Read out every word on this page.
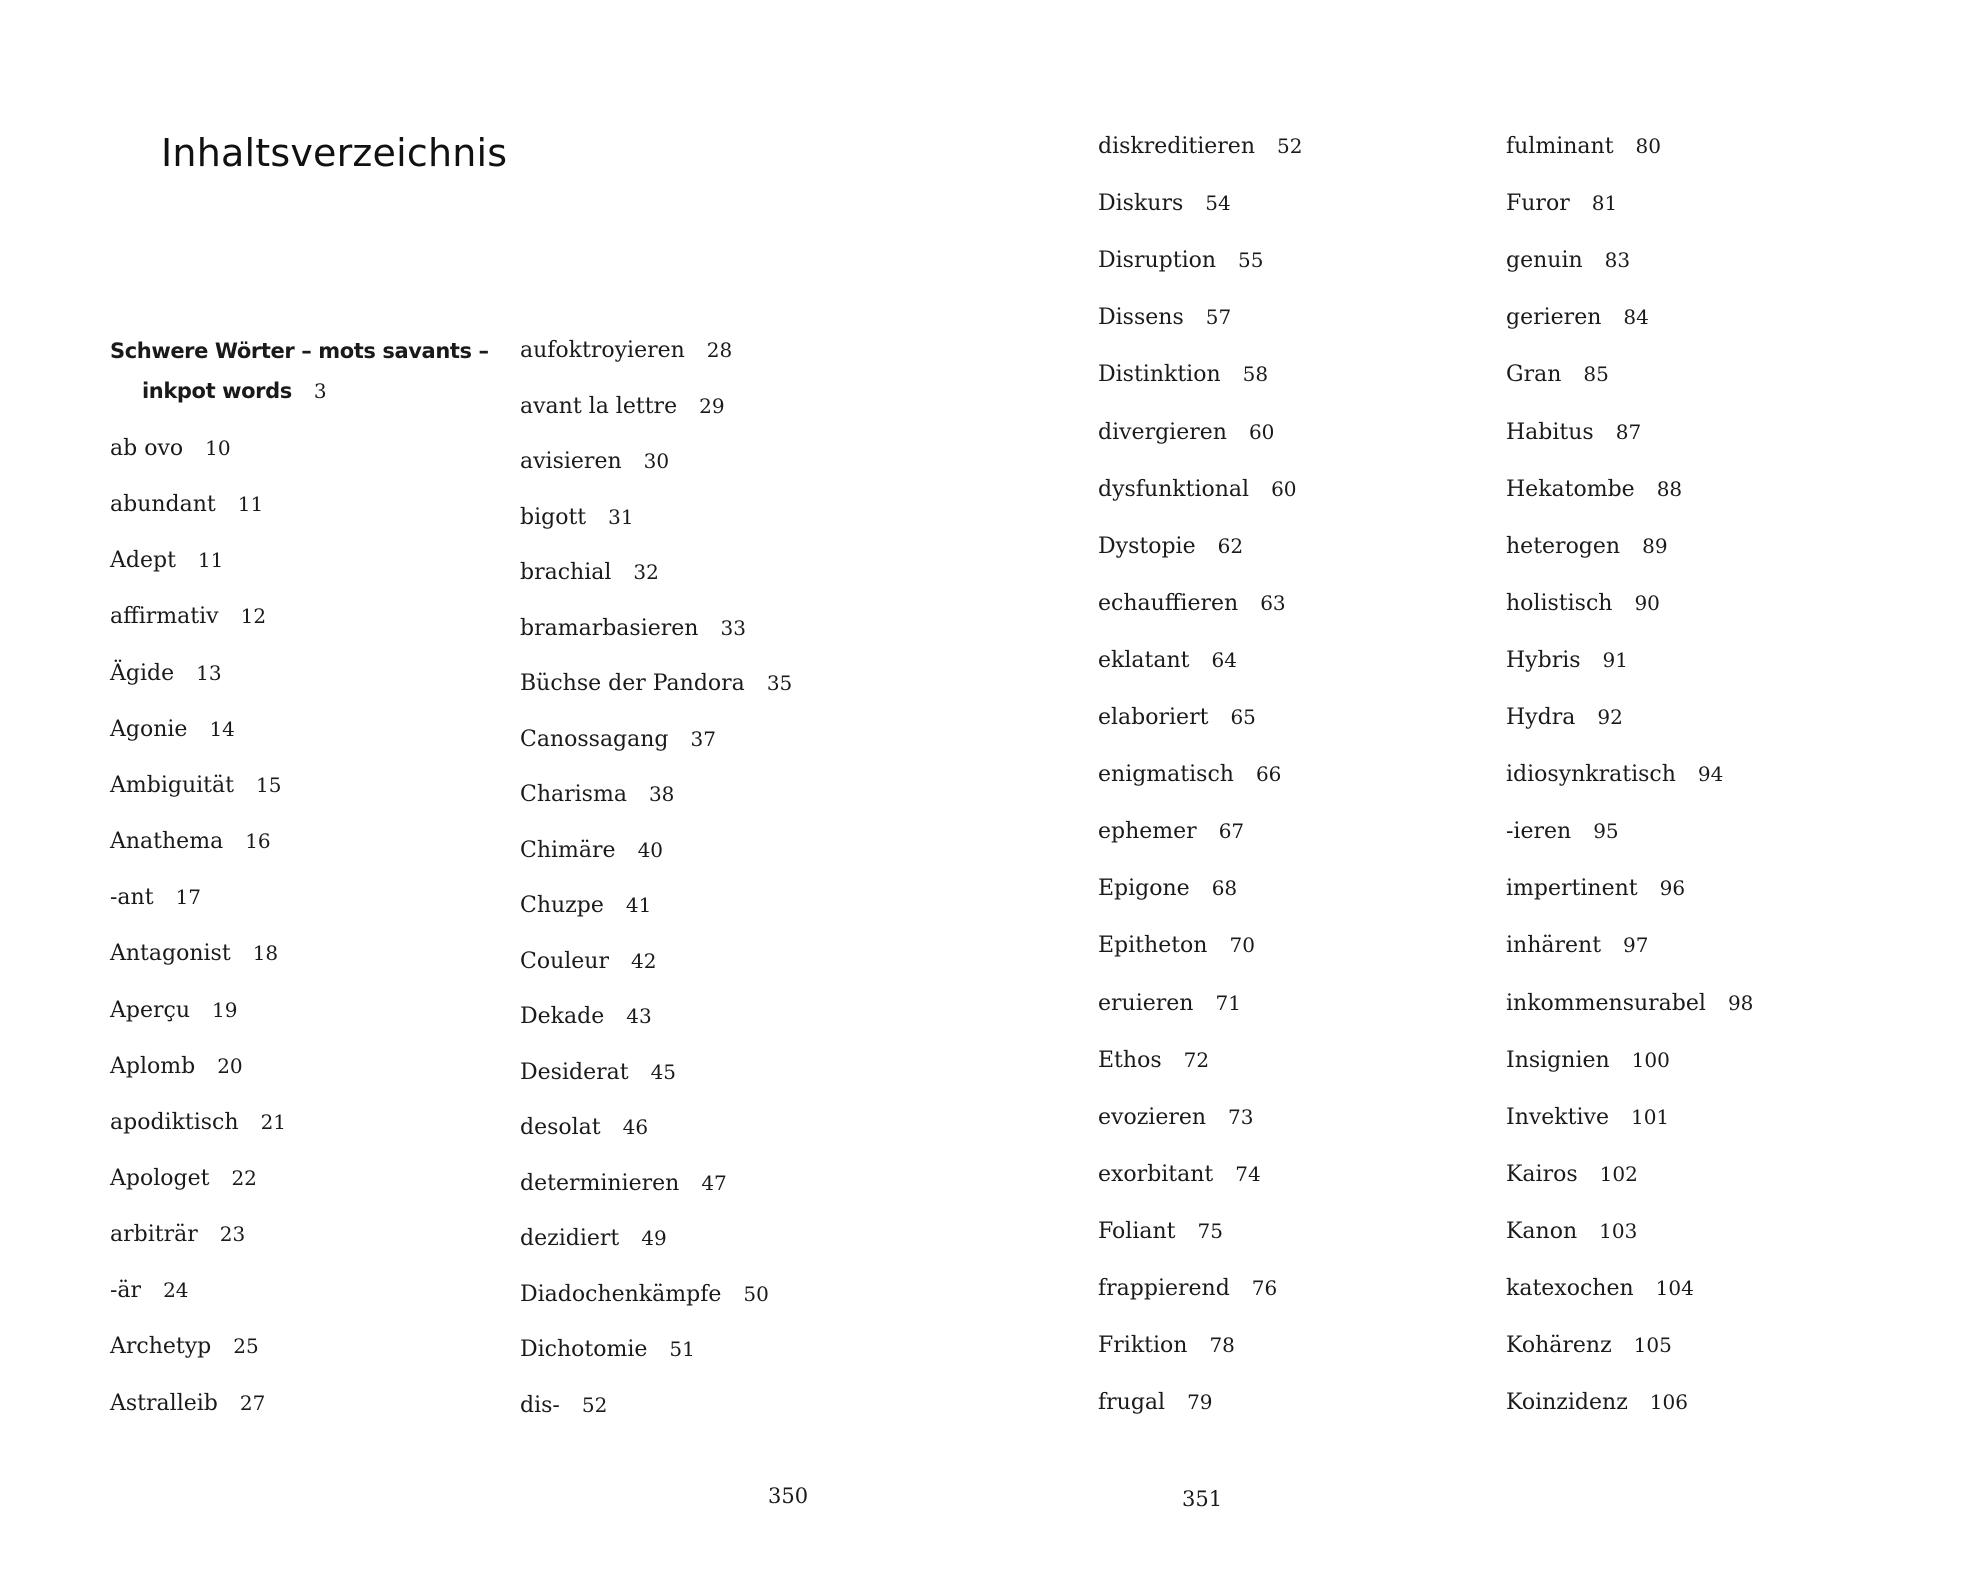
Inhaltsverzeichnis
Schwere Wörter – mots savants –
inkpot words 3
ab ovo 10
abundant 11
Adept 11
affirmativ 12
Ägide 13
Agonie 14
Ambiguität 15
Anathema 16
-ant 17
Antagonist 18
Aperçu 19
Aplomb 20
apodiktisch 21
Apologet 22
arbiträr 23
-är 24
Archetyp 25
Astralleib 27
aufoktroyieren 28
avant la lettre 29
avisieren 30
bigott 31
brachial 32
bramarbasieren 33
Büchse der Pandora 35
Canossagang 37
Charisma 38
Chimäre 40
Chuzpe 41
Couleur 42
Dekade 43
Desiderat 45
desolat 46
determinieren 47
dezidiert 49
Diadochenkämpfe 50
Dichotomie 51
dis- 52
diskreditieren 52
Diskurs 54
Disruption 55
Dissens 57
Distinktion 58
divergieren 60
dysfunktional 60
Dystopie 62
echauffieren 63
eklatant 64
elaboriert 65
enigmatisch 66
ephemer 67
Epigone 68
Epitheton 70
eruieren 71
Ethos 72
evozieren 73
exorbitant 74
Foliant 75
frappierend 76
Friktion 78
frugal 79
fulminant 80
Furor 81
genuin 83
gerieren 84
Gran 85
Habitus 87
Hekatombe 88
heterogen 89
holistisch 90
Hybris 91
Hydra 92
idiosynkratisch 94
-ieren 95
impertinent 96
inhärent 97
inkommensurabel 98
Insignien 100
Invektive 101
Kairos 102
Kanon 103
katexochen 104
Kohärenz 105
Koinzidenz 106
350	351
